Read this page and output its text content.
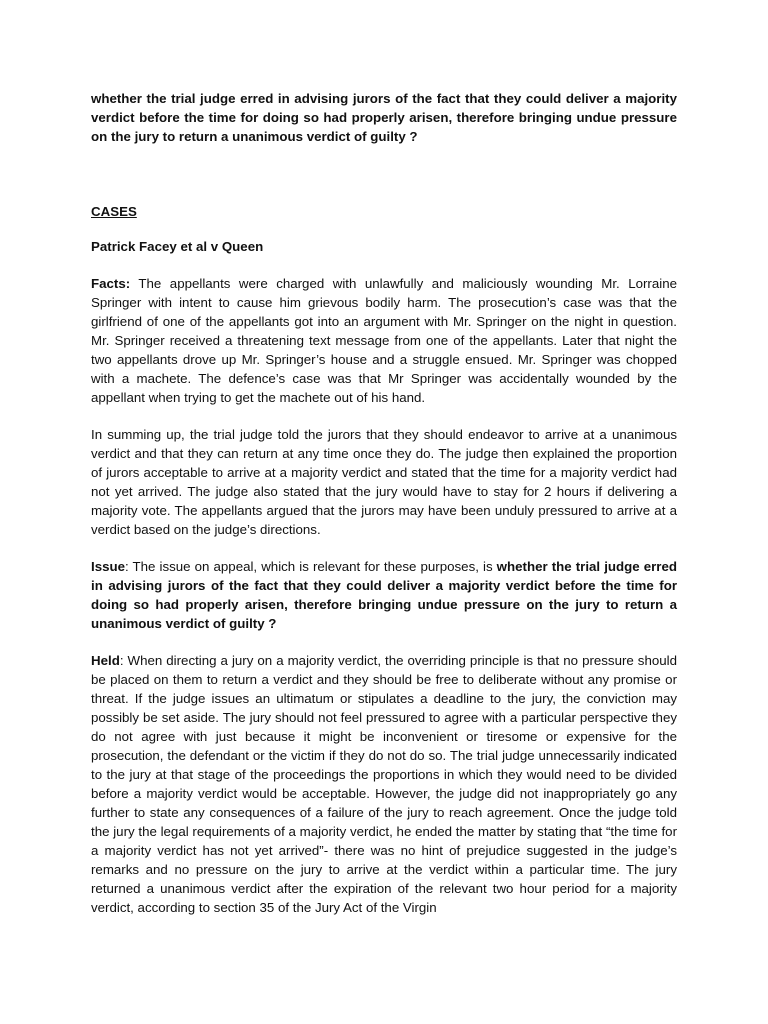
whether the trial judge erred in advising jurors of the fact that they could deliver a majority verdict before the time for doing so had properly arisen, therefore bringing undue pressure on the jury to return a unanimous verdict of guilty ?

CASES

Patrick Facey et al v Queen

Facts: The appellants were charged with unlawfully and maliciously wounding Mr. Lorraine Springer with intent to cause him grievous bodily harm. The prosecution’s case was that the girlfriend of one of the appellants got into an argument with Mr. Springer on the night in question. Mr. Springer received a threatening text message from one of the appellants. Later that night the two appellants drove up Mr. Springer’s house and a struggle ensued. Mr. Springer was chopped with a machete. The defence’s case was that Mr Springer was accidentally wounded by the appellant when trying to get the machete out of his hand.

In summing up, the trial judge told the jurors that they should endeavor to arrive at a unanimous verdict and that they can return at any time once they do. The judge then explained the proportion of jurors acceptable to arrive at a majority verdict and stated that the time for a majority verdict had not yet arrived. The judge also stated that the jury would have to stay for 2 hours if delivering a majority vote. The appellants argued that the jurors may have been unduly pressured to arrive at a verdict based on the judge’s directions.

Issue: The issue on appeal, which is relevant for these purposes, is whether the trial judge erred in advising jurors of the fact that they could deliver a majority verdict before the time for doing so had properly arisen, therefore bringing undue pressure on the jury to return a unanimous verdict of guilty ?

Held: When directing a jury on a majority verdict, the overriding principle is that no pressure should be placed on them to return a verdict and they should be free to deliberate without any promise or threat. If the judge issues an ultimatum or stipulates a deadline to the jury, the conviction may possibly be set aside. The jury should not feel pressured to agree with a particular perspective they do not agree with just because it might be inconvenient or tiresome or expensive for the prosecution, the defendant or the victim if they do not do so. The trial judge unnecessarily indicated to the jury at that stage of the proceedings the proportions in which they would need to be divided before a majority verdict would be acceptable. However, the judge did not inappropriately go any further to state any consequences of a failure of the jury to reach agreement. Once the judge told the jury the legal requirements of a majority verdict, he ended the matter by stating that “the time for a majority verdict has not yet arrived”- there was no hint of prejudice suggested in the judge’s remarks and no pressure on the jury to arrive at the verdict within a particular time. The jury returned a unanimous verdict after the expiration of the relevant two hour period for a majority verdict, according to section 35 of the Jury Act of the Virgin
